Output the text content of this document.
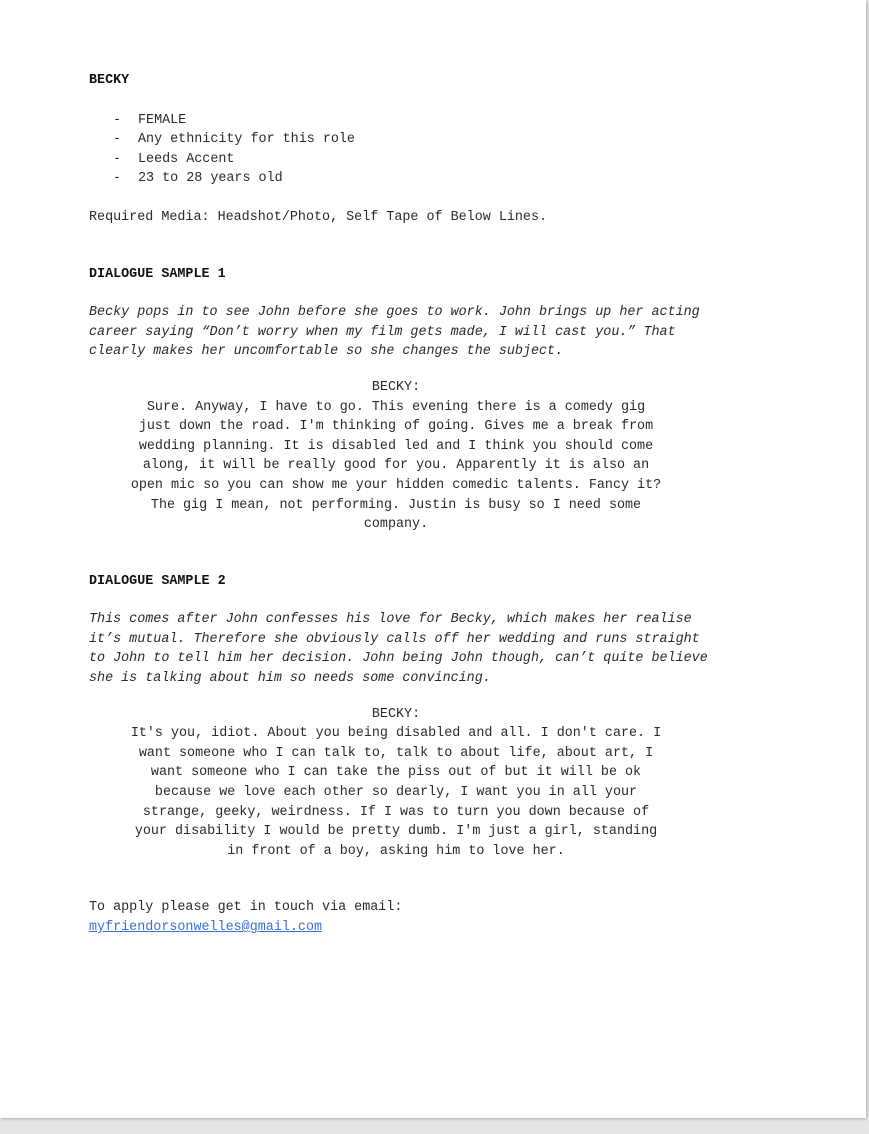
BECKY

-	FEMALE
-	Any ethnicity for this role
-	Leeds Accent
-	23 to 28 years old

Required Media: Headshot/Photo, Self Tape of Below Lines.

DIALOGUE SAMPLE 1

Becky pops in to see John before she goes to work. John brings up her acting career saying “Don’t worry when my film gets made, I will cast you.” That clearly makes her uncomfortable so she changes the subject.

BECKY:
Sure. Anyway, I have to go. This evening there is a comedy gig
just down the road. I'm thinking of going. Gives me a break from
wedding planning. It is disabled led and I think you should come
along, it will be really good for you. Apparently it is also an
open mic so you can show me your hidden comedic talents. Fancy it?
The gig I mean, not performing. Justin is busy so I need some
company.

DIALOGUE SAMPLE 2

This comes after John confesses his love for Becky, which makes her realise it’s mutual. Therefore she obviously calls off her wedding and runs straight to John to tell him her decision. John being John though, can’t quite believe she is talking about him so needs some convincing.

BECKY:
It's you, idiot. About you being disabled and all. I don't care. I
want someone who I can talk to, talk to about life, about art, I
want someone who I can take the piss out of but it will be ok
because we love each other so dearly, I want you in all your
strange, geeky, weirdness. If I was to turn you down because of
your disability I would be pretty dumb. I'm just a girl, standing
in front of a boy, asking him to love her.
To apply please get in touch via email:
myfriendorsonwelles@gmail.com
